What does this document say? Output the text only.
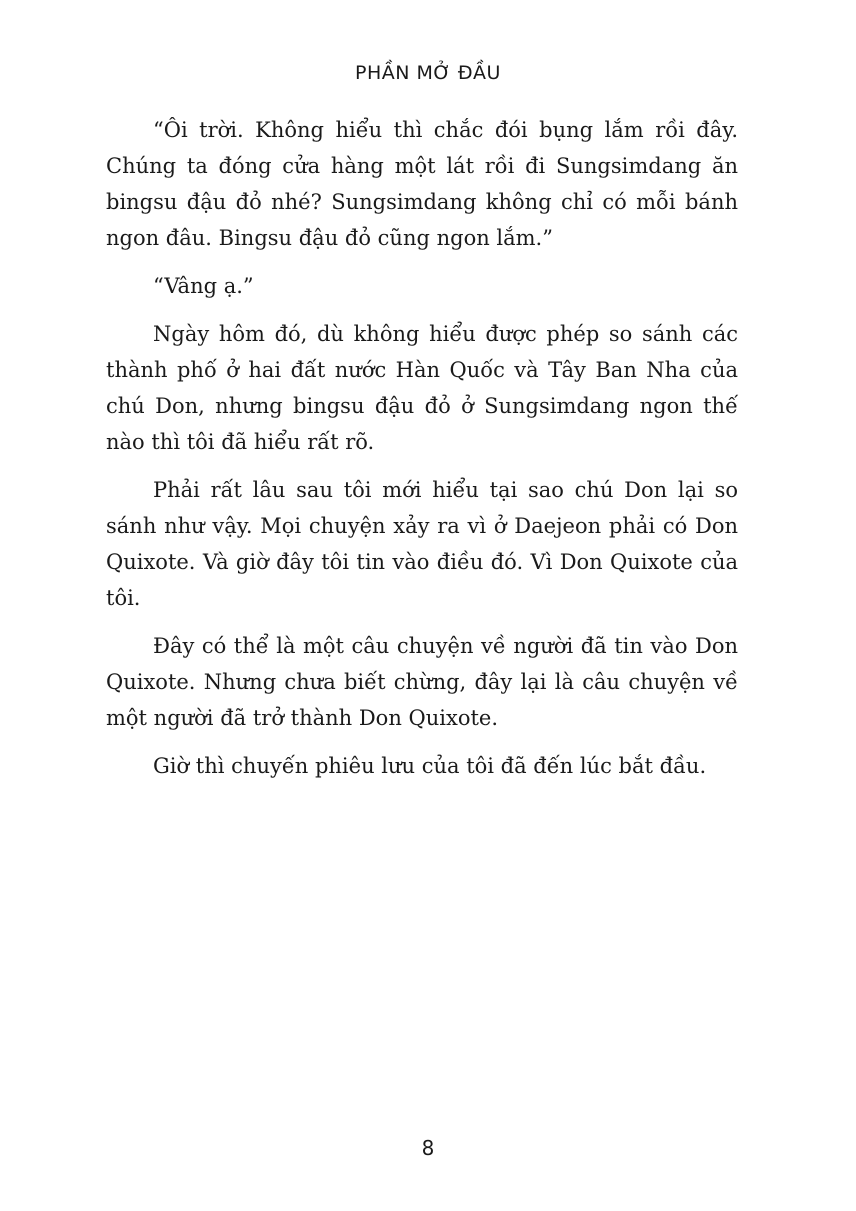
PHẦN MỞ ĐẦU

“Ôi trời. Không hiểu thì chắc đói bụng lắm rồi đây. Chúng ta đóng cửa hàng một lát rồi đi Sungsimdang ăn bingsu đậu đỏ nhé? Sungsimdang không chỉ có mỗi bánh ngon đâu. Bingsu đậu đỏ cũng ngon lắm.”

“Vâng ạ.”

Ngày hôm đó, dù không hiểu được phép so sánh các thành phố ở hai đất nước Hàn Quốc và Tây Ban Nha của chú Don, nhưng bingsu đậu đỏ ở Sungsimdang ngon thế nào thì tôi đã hiểu rất rõ.

Phải rất lâu sau tôi mới hiểu tại sao chú Don lại so sánh như vậy. Mọi chuyện xảy ra vì ở Daejeon phải có Don Quixote. Và giờ đây tôi tin vào điều đó. Vì Don Quixote của tôi.

Đây có thể là một câu chuyện về người đã tin vào Don Quixote. Nhưng chưa biết chừng, đây lại là câu chuyện về một người đã trở thành Don Quixote.

Giờ thì chuyến phiêu lưu của tôi đã đến lúc bắt đầu.

8
